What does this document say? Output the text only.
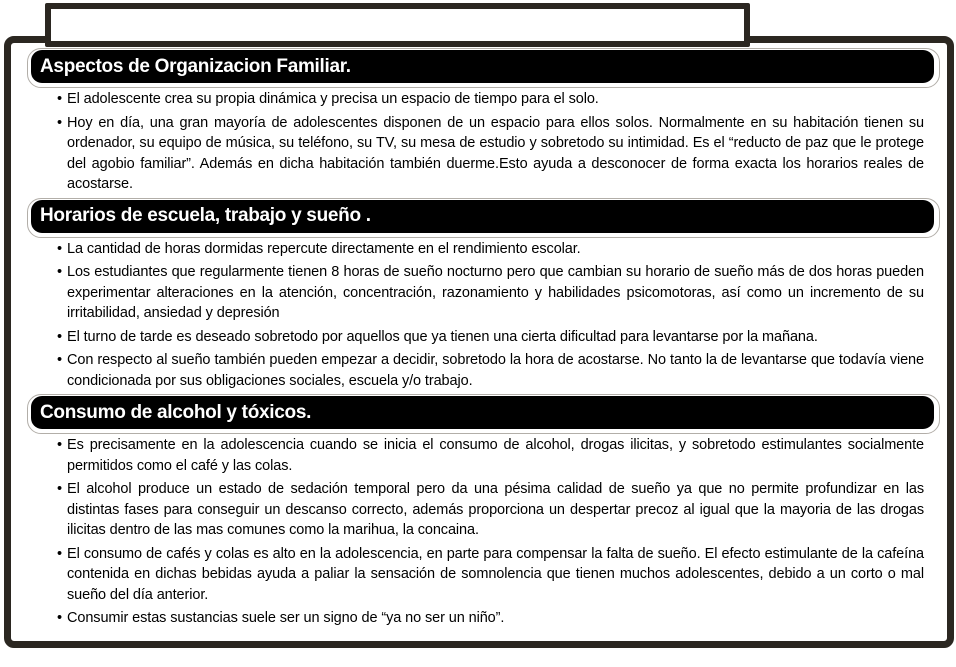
Aspectos de Organizacion Familiar.
• El adolescente crea su propia dinámica y precisa un espacio de tiempo para el solo.
• Hoy en día, una gran mayoría de adolescentes disponen de un espacio para ellos solos. Normalmente en su habitación tienen su ordenador, su equipo de música, su teléfono, su TV, su mesa de estudio y sobretodo su intimidad. Es el “reducto de paz que le protege del agobio familiar”. Además en dicha habitación también duerme.Esto ayuda a desconocer de forma exacta los horarios reales de acostarse.
Horarios de escuela, trabajo y sueño .
• La cantidad de horas dormidas repercute directamente en el rendimiento escolar.
• Los estudiantes que regularmente tienen 8 horas de sueño nocturno pero que cambian su horario de sueño más de dos horas pueden experimentar alteraciones en la atención, concentración, razonamiento y habilidades psicomotoras, así como un incremento de su irritabilidad, ansiedad y depresión
• El turno de tarde es deseado sobretodo por aquellos que ya tienen una cierta dificultad para levantarse por la mañana.
• Con respecto al sueño también pueden empezar a decidir, sobretodo la hora de acostarse. No tanto la de levantarse que todavía viene condicionada por sus obligaciones sociales, escuela y/o trabajo.
Consumo de alcohol y tóxicos.
• Es precisamente en la adolescencia cuando se inicia el consumo de alcohol, drogas ilicitas, y sobretodo estimulantes socialmente permitidos como el café y las colas.
• El alcohol produce un estado de sedación temporal pero da una pésima calidad de sueño ya que no permite profundizar en las distintas fases para conseguir un descanso correcto, además proporciona un despertar precoz al igual que la mayoria de las drogas ilicitas dentro de las mas comunes como la marihua, la concaina.
• El consumo de cafés y colas es alto en la adolescencia, en parte para compensar la falta de sueño. El efecto estimulante de la cafeína contenida en dichas bebidas ayuda a paliar la sensación de somnolencia que tienen muchos adolescentes, debido a un corto o mal sueño del día anterior.
• Consumir estas sustancias suele ser un signo de “ya no ser un niño”.
